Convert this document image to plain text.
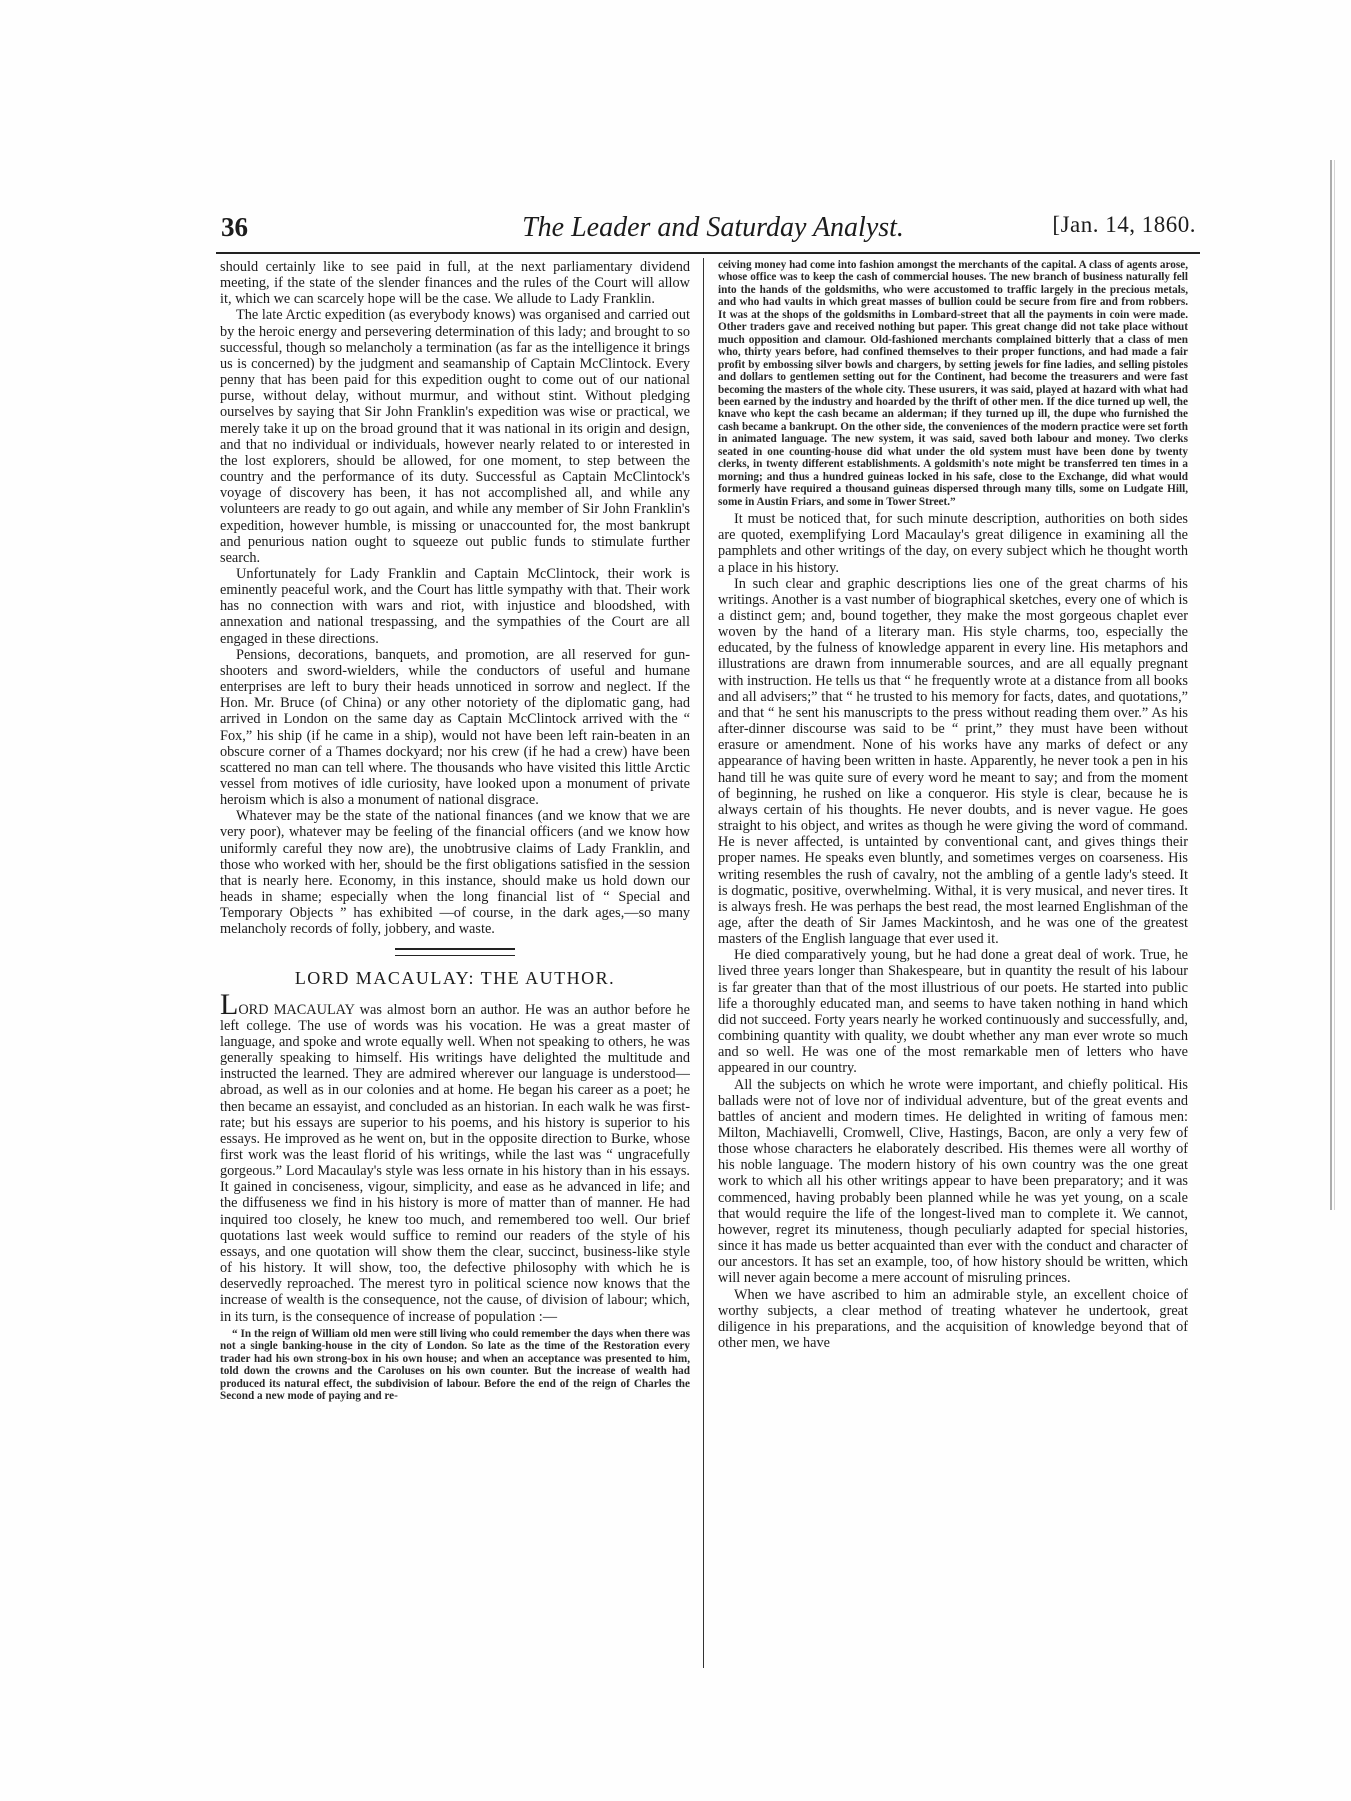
36	The Leader and Saturday Analyst.	[Jan. 14, 1860.

should certainly like to see paid in full, at the next parliamentary dividend meeting, if the state of the slender finances and the rules of the Court will allow it, which we can scarcely hope will be the case. We allude to Lady Franklin.

The late Arctic expedition (as everybody knows) was organised and carried out by the heroic energy and persevering determination of this lady; and brought to so successful, though so melancholy a termination (as far as the intelligence it brings us is concerned) by the judgment and seamanship of Captain McClintock. Every penny that has been paid for this expedition ought to come out of our national purse, without delay, without murmur, and without stint. Without pledging ourselves by saying that Sir John Franklin's expedition was wise or practical, we merely take it up on the broad ground that it was national in its origin and design, and that no individual or individuals, however nearly related to or interested in the lost explorers, should be allowed, for one moment, to step between the country and the performance of its duty. Successful as Captain McClintock's voyage of discovery has been, it has not accomplished all, and while any volunteers are ready to go out again, and while any member of Sir John Franklin's expedition, however humble, is missing or unaccounted for, the most bankrupt and penurious nation ought to squeeze out public funds to stimulate further search.

Unfortunately for Lady Franklin and Captain McClintock, their work is eminently peaceful work, and the Court has little sympathy with that. Their work has no connection with wars and riot, with injustice and bloodshed, with annexation and national trespassing, and the sympathies of the Court are all engaged in these directions.

Pensions, decorations, banquets, and promotion, are all reserved for gun-shooters and sword-wielders, while the conductors of useful and humane enterprises are left to bury their heads unnoticed in sorrow and neglect. If the Hon. Mr. Bruce (of China) or any other notoriety of the diplomatic gang, had arrived in London on the same day as Captain McClintock arrived with the “ Fox,” his ship (if he came in a ship), would not have been left rain-beaten in an obscure corner of a Thames dockyard; nor his crew (if he had a crew) have been scattered no man can tell where. The thousands who have visited this little Arctic vessel from motives of idle curiosity, have looked upon a monument of private heroism which is also a monument of national disgrace.

Whatever may be the state of the national finances (and we know that we are very poor), whatever may be feeling of the financial officers (and we know how uniformly careful they now are), the unobtrusive claims of Lady Franklin, and those who worked with her, should be the first obligations satisfied in the session that is nearly here. Economy, in this instance, should make us hold down our heads in shame; especially when the long financial list of “ Special and Temporary Objects ” has exhibited —of course, in the dark ages,—so many melancholy records of folly, jobbery, and waste.

LORD MACAULAY: THE AUTHOR.

LORD MACAULAY was almost born an author. He was an author before he left college. The use of words was his vocation. He was a great master of language, and spoke and wrote equally well. When not speaking to others, he was generally speaking to himself. His writings have delighted the multitude and instructed the learned. They are admired wherever our language is understood—abroad, as well as in our colonies and at home. He began his career as a poet; he then became an essayist, and concluded as an historian. In each walk he was first-rate; but his essays are superior to his poems, and his history is superior to his essays. He improved as he went on, but in the opposite direction to Burke, whose first work was the least florid of his writings, while the last was “ ungracefully gorgeous.” Lord Macaulay's style was less ornate in his history than in his essays. It gained in conciseness, vigour, simplicity, and ease as he advanced in life; and the diffuseness we find in his history is more of matter than of manner. He had inquired too closely, he knew too much, and remembered too well. Our brief quotations last week would suffice to remind our readers of the style of his essays, and one quotation will show them the clear, succinct, business-like style of his history. It will show, too, the defective philosophy with which he is deservedly reproached. The merest tyro in political science now knows that the increase of wealth is the consequence, not the cause, of division of labour; which, in its turn, is the consequence of increase of population :—

“ In the reign of William old men were still living who could remember the days when there was not a single banking-house in the city of London. So late as the time of the Restoration every trader had his own strong-box in his own house; and when an acceptance was presented to him, told down the crowns and the Caroluses on his own counter. But the increase of wealth had produced its natural effect, the subdivision of labour. Before the end of the reign of Charles the Second a new mode of paying and re-

ceiving money had come into fashion amongst the merchants of the capital. A class of agents arose, whose office was to keep the cash of commercial houses. The new branch of business naturally fell into the hands of the goldsmiths, who were accustomed to traffic largely in the precious metals, and who had vaults in which great masses of bullion could be secure from fire and from robbers. It was at the shops of the goldsmiths in Lombard-street that all the payments in coin were made. Other traders gave and received nothing but paper. This great change did not take place without much opposition and clamour. Old-fashioned merchants complained bitterly that a class of men who, thirty years before, had confined themselves to their proper functions, and had made a fair profit by embossing silver bowls and chargers, by setting jewels for fine ladies, and selling pistoles and dollars to gentlemen setting out for the Continent, had become the treasurers and were fast becoming the masters of the whole city. These usurers, it was said, played at hazard with what had been earned by the industry and hoarded by the thrift of other men. If the dice turned up well, the knave who kept the cash became an alderman; if they turned up ill, the dupe who furnished the cash became a bankrupt. On the other side, the conveniences of the modern practice were set forth in animated language. The new system, it was said, saved both labour and money. Two clerks seated in one counting-house did what under the old system must have been done by twenty clerks, in twenty different establishments. A goldsmith's note might be transferred ten times in a morning; and thus a hundred guineas locked in his safe, close to the Exchange, did what would formerly have required a thousand guineas dispersed through many tills, some on Ludgate Hill, some in Austin Friars, and some in Tower Street.”

It must be noticed that, for such minute description, authorities on both sides are quoted, exemplifying Lord Macaulay's great diligence in examining all the pamphlets and other writings of the day, on every subject which he thought worth a place in his history.

In such clear and graphic descriptions lies one of the great charms of his writings. Another is a vast number of biographical sketches, every one of which is a distinct gem; and, bound together, they make the most gorgeous chaplet ever woven by the hand of a literary man. His style charms, too, especially the educated, by the fulness of knowledge apparent in every line. His metaphors and illustrations are drawn from innumerable sources, and are all equally pregnant with instruction. He tells us that “ he frequently wrote at a distance from all books and all advisers;” that “ he trusted to his memory for facts, dates, and quotations,” and that “ he sent his manuscripts to the press without reading them over.” As his after-dinner discourse was said to be “ print,” they must have been without erasure or amendment. None of his works have any marks of defect or any appearance of having been written in haste. Apparently, he never took a pen in his hand till he was quite sure of every word he meant to say; and from the moment of beginning, he rushed on like a conqueror. His style is clear, because he is always certain of his thoughts. He never doubts, and is never vague. He goes straight to his object, and writes as though he were giving the word of command. He is never affected, is untainted by conventional cant, and gives things their proper names. He speaks even bluntly, and sometimes verges on coarseness. His writing resembles the rush of cavalry, not the ambling of a gentle lady's steed. It is dogmatic, positive, overwhelming. Withal, it is very musical, and never tires. It is always fresh. He was perhaps the best read, the most learned Englishman of the age, after the death of Sir James Mackintosh, and he was one of the greatest masters of the English language that ever used it.

He died comparatively young, but he had done a great deal of work. True, he lived three years longer than Shakespeare, but in quantity the result of his labour is far greater than that of the most illustrious of our poets. He started into public life a thoroughly educated man, and seems to have taken nothing in hand which did not succeed. Forty years nearly he worked continuously and successfully, and, combining quantity with quality, we doubt whether any man ever wrote so much and so well. He was one of the most remarkable men of letters who have appeared in our country.

All the subjects on which he wrote were important, and chiefly political. His ballads were not of love nor of individual adventure, but of the great events and battles of ancient and modern times. He delighted in writing of famous men: Milton, Machiavelli, Cromwell, Clive, Hastings, Bacon, are only a very few of those whose characters he elaborately described. His themes were all worthy of his noble language. The modern history of his own country was the one great work to which all his other writings appear to have been preparatory; and it was commenced, having probably been planned while he was yet young, on a scale that would require the life of the longest-lived man to complete it. We cannot, however, regret its minuteness, though peculiarly adapted for special histories, since it has made us better acquainted than ever with the conduct and character of our ancestors. It has set an example, too, of how history should be written, which will never again become a mere account of misruling princes.

When we have ascribed to him an admirable style, an excellent choice of worthy subjects, a clear method of treating whatever he undertook, great diligence in his preparations, and the acquisition of knowledge beyond that of other men, we have
